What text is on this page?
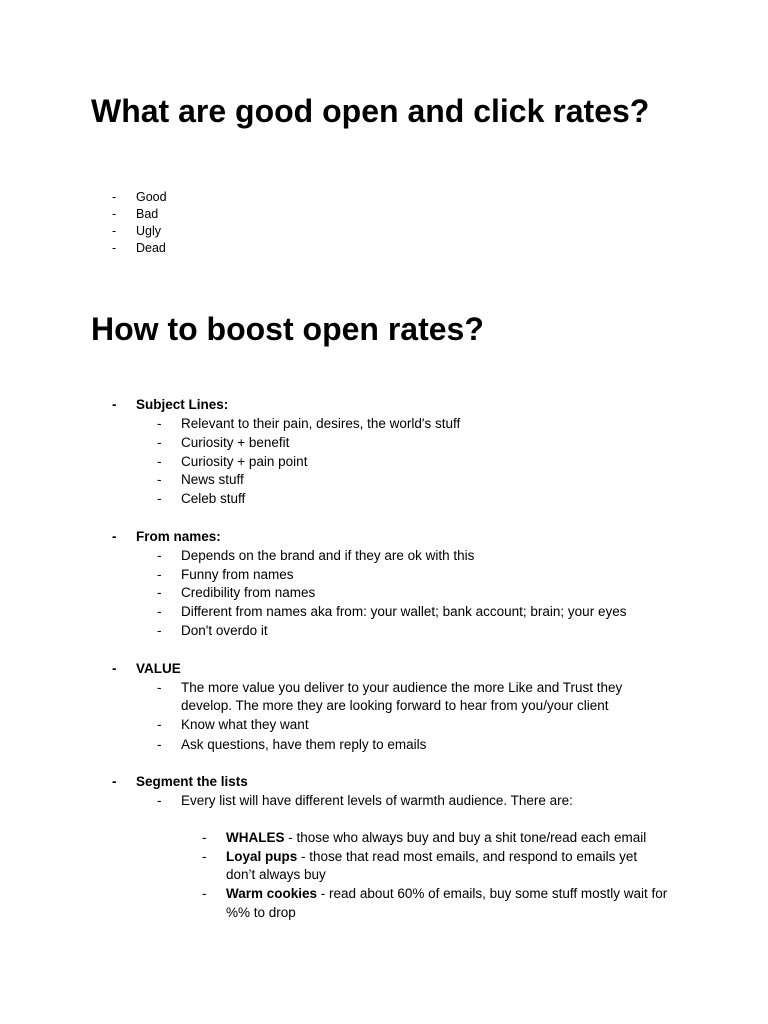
What are good open and click rates?
- Good
- Bad
- Ugly
- Dead
How to boost open rates?
- Subject Lines:
- Relevant to their pain, desires, the world's stuff
- Curiosity + benefit
- Curiosity + pain point
- News stuff
- Celeb stuff
- From names:
- Depends on the brand and if they are ok with this
- Funny from names
- Credibility from names
- Different from names aka from: your wallet; bank account; brain; your eyes
- Don't overdo it
- VALUE
- The more value you deliver to your audience the more Like and Trust they
develop. The more they are looking forward to hear from you/your client
- Know what they want
- Ask questions, have them reply to emails
- Segment the lists
- Every list will have different levels of warmth audience. There are:
- WHALES - those who always buy and buy a shit tone/read each email
- Loyal pups - those that read most emails, and respond to emails yet
don’t always buy
- Warm cookies - read about 60% of emails, buy some stuff mostly wait for
%% to drop
